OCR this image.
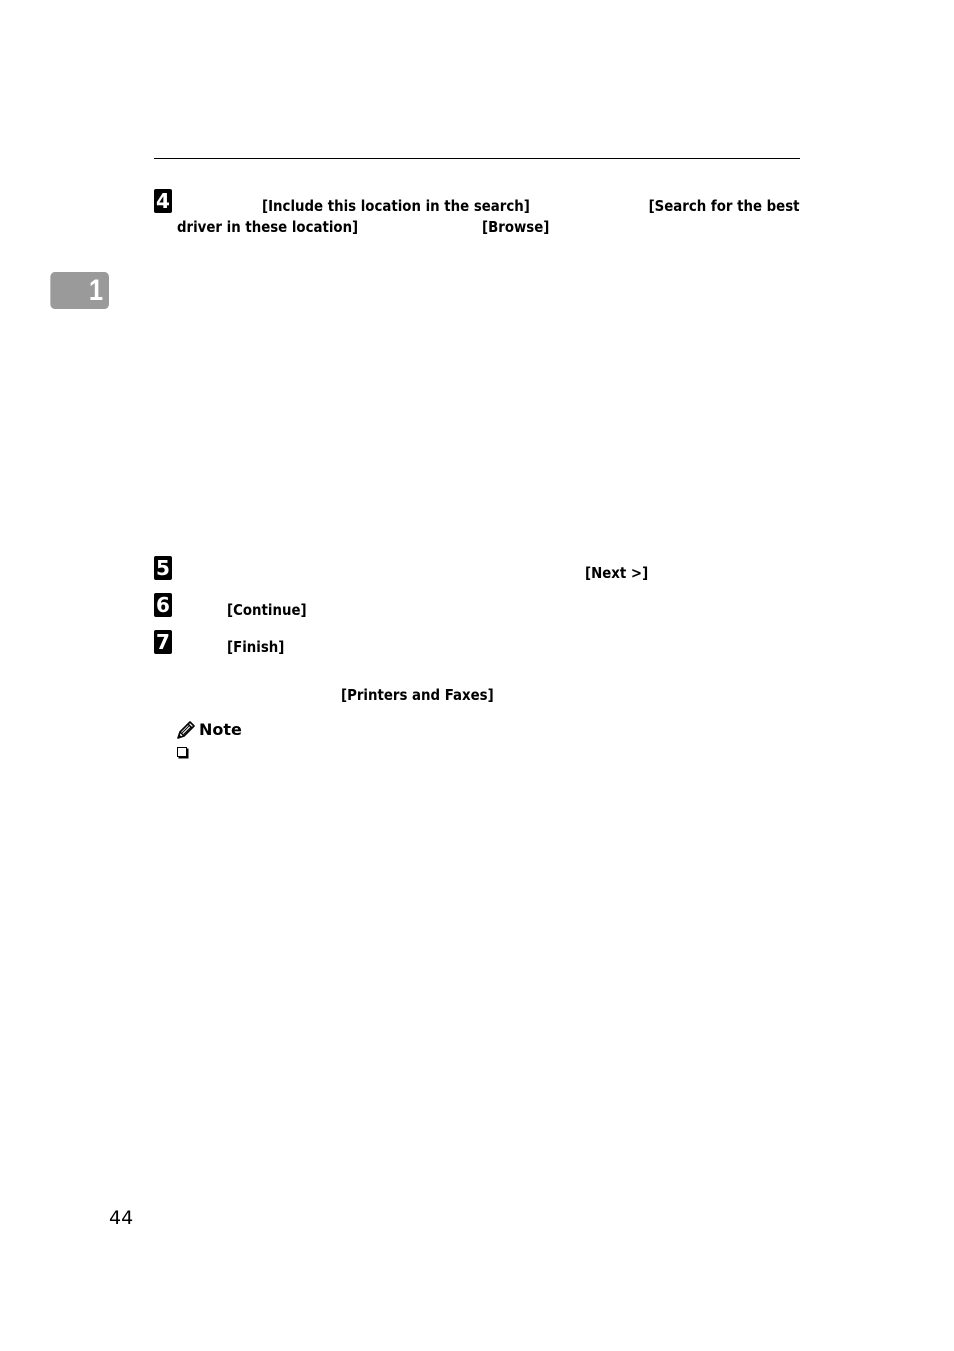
1
4	[Include this location in the search]	[Search for the best
driver in these location]	[Browse]
5	[Next >]
6	[Continue]
7	[Finish]
[Printers and Faxes]
Note
44
